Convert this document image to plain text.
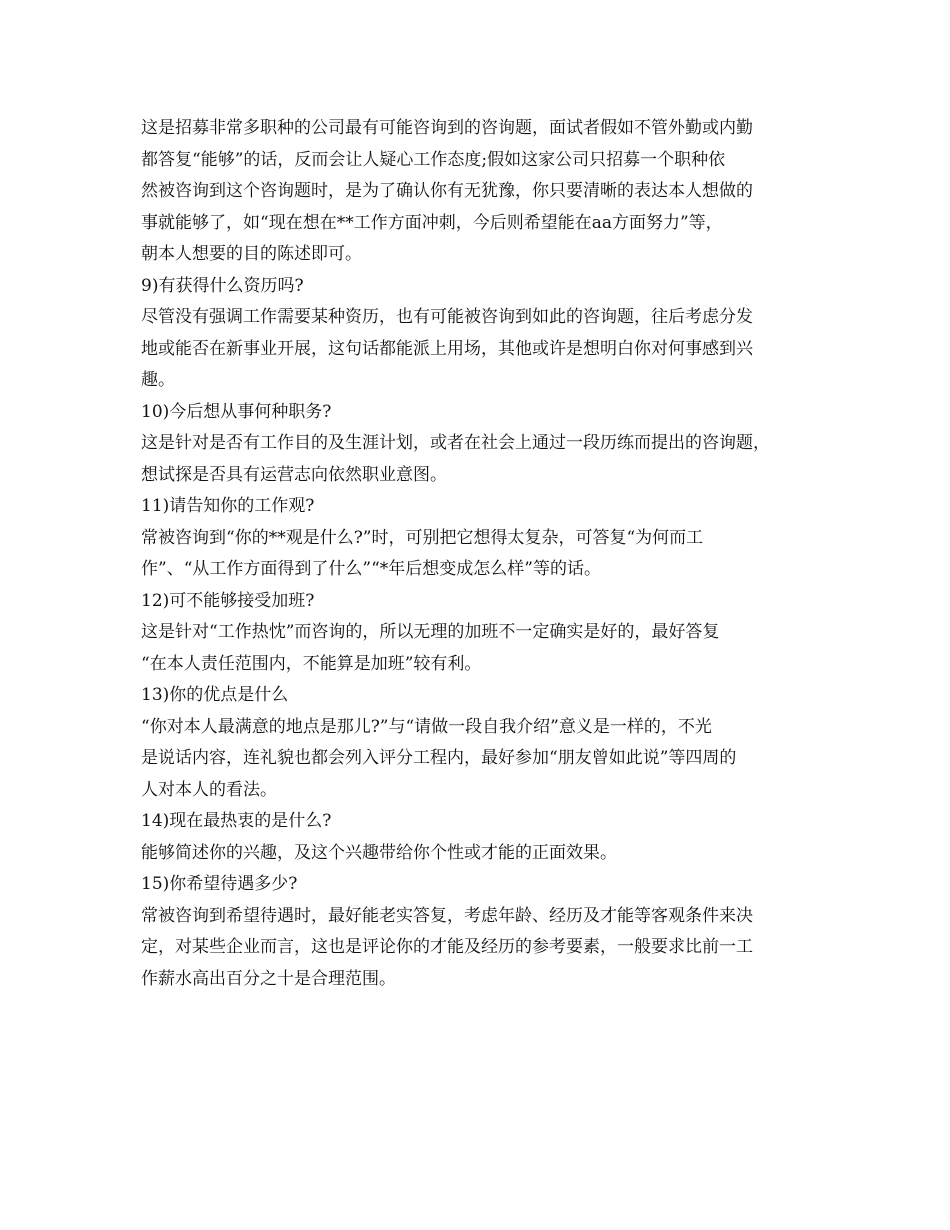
这是招募非常多职种的公司最有可能咨询到的咨询题，面试者假如不管外勤或内勤
都答复“能够”的话，反而会让人疑心工作态度;假如这家公司只招募一个职种依
然被咨询到这个咨询题时，是为了确认你有无犹豫，你只要清晰的表达本人想做的
事就能够了，如“现在想在**工作方面冲刺，今后则希望能在aa方面努力”等，
朝本人想要的目的陈述即可。

9)有获得什么资历吗?

尽管没有强调工作需要某种资历，也有可能被咨询到如此的咨询题，往后考虑分发
地或能否在新事业开展，这句话都能派上用场，其他或许是想明白你对何事感到兴
趣。

10)今后想从事何种职务?

这是针对是否有工作目的及生涯计划，或者在社会上通过一段历练而提出的咨询题，
想试探是否具有运营志向依然职业意图。

11)请告知你的工作观?

常被咨询到“你的**观是什么?”时，可别把它想得太复杂，可答复“为何而工
作”、“从工作方面得到了什么”“*年后想变成怎么样”等的话。

12)可不能够接受加班?

这是针对“工作热忱”而咨询的，所以无理的加班不一定确实是好的，最好答复
“在本人责任范围内，不能算是加班”较有利。

13)你的优点是什么

“你对本人最满意的地点是那儿?”与“请做一段自我介绍”意义是一样的，不光
是说话内容，连礼貌也都会列入评分工程内，最好参加“朋友曾如此说”等四周的
人对本人的看法。

14)现在最热衷的是什么?

能够简述你的兴趣，及这个兴趣带给你个性或才能的正面效果。

15)你希望待遇多少?

常被咨询到希望待遇时，最好能老实答复，考虑年龄、经历及才能等客观条件来决
定，对某些企业而言，这也是评论你的才能及经历的参考要素，一般要求比前一工
作薪水高出百分之十是合理范围。
